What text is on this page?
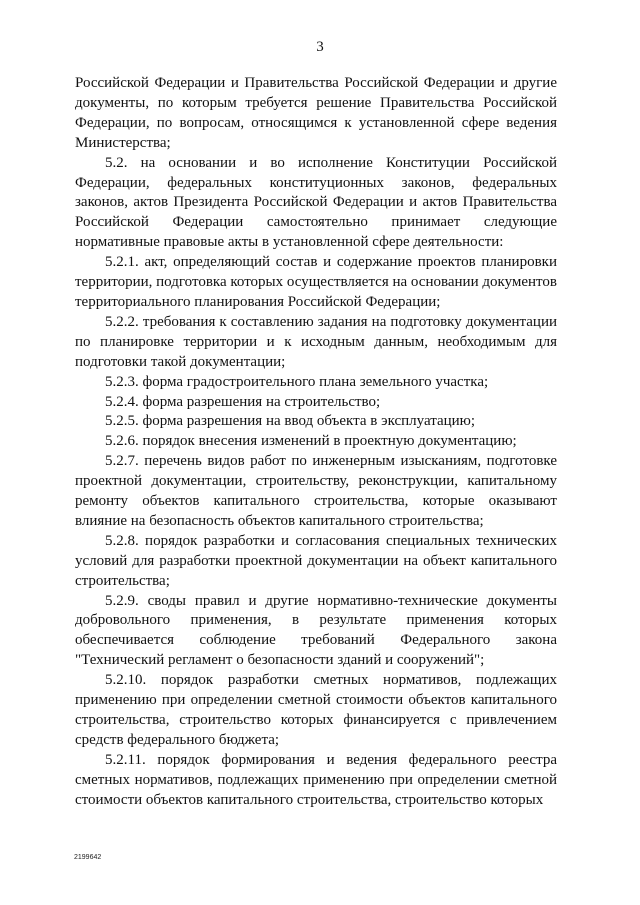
3

Российской Федерации и Правительства Российской Федерации и другие документы, по которым требуется решение Правительства Российской Федерации, по вопросам, относящимся к установленной сфере ведения Министерства;

5.2. на основании и во исполнение Конституции Российской Федерации, федеральных конституционных законов, федеральных законов, актов Президента Российской Федерации и актов Правительства Российской Федерации самостоятельно принимает следующие нормативные правовые акты в установленной сфере деятельности:

5.2.1. акт, определяющий состав и содержание проектов планировки территории, подготовка которых осуществляется на основании документов территориального планирования Российской Федерации;

5.2.2. требования к составлению задания на подготовку документации по планировке территории и к исходным данным, необходимым для подготовки такой документации;

5.2.3. форма градостроительного плана земельного участка;

5.2.4. форма разрешения на строительство;

5.2.5. форма разрешения на ввод объекта в эксплуатацию;

5.2.6. порядок внесения изменений в проектную документацию;

5.2.7. перечень видов работ по инженерным изысканиям, подготовке проектной документации, строительству, реконструкции, капитальному ремонту объектов капитального строительства, которые оказывают влияние на безопасность объектов капитального строительства;

5.2.8. порядок разработки и согласования специальных технических условий для разработки проектной документации на объект капитального строительства;

5.2.9. своды правил и другие нормативно-технические документы добровольного применения, в результате применения которых обеспечивается соблюдение требований Федерального закона "Технический регламент о безопасности зданий и сооружений";

5.2.10. порядок разработки сметных нормативов, подлежащих применению при определении сметной стоимости объектов капитального строительства, строительство которых финансируется с привлечением средств федерального бюджета;

5.2.11. порядок формирования и ведения федерального реестра сметных нормативов, подлежащих применению при определении сметной стоимости объектов капитального строительства, строительство которых

2199642
